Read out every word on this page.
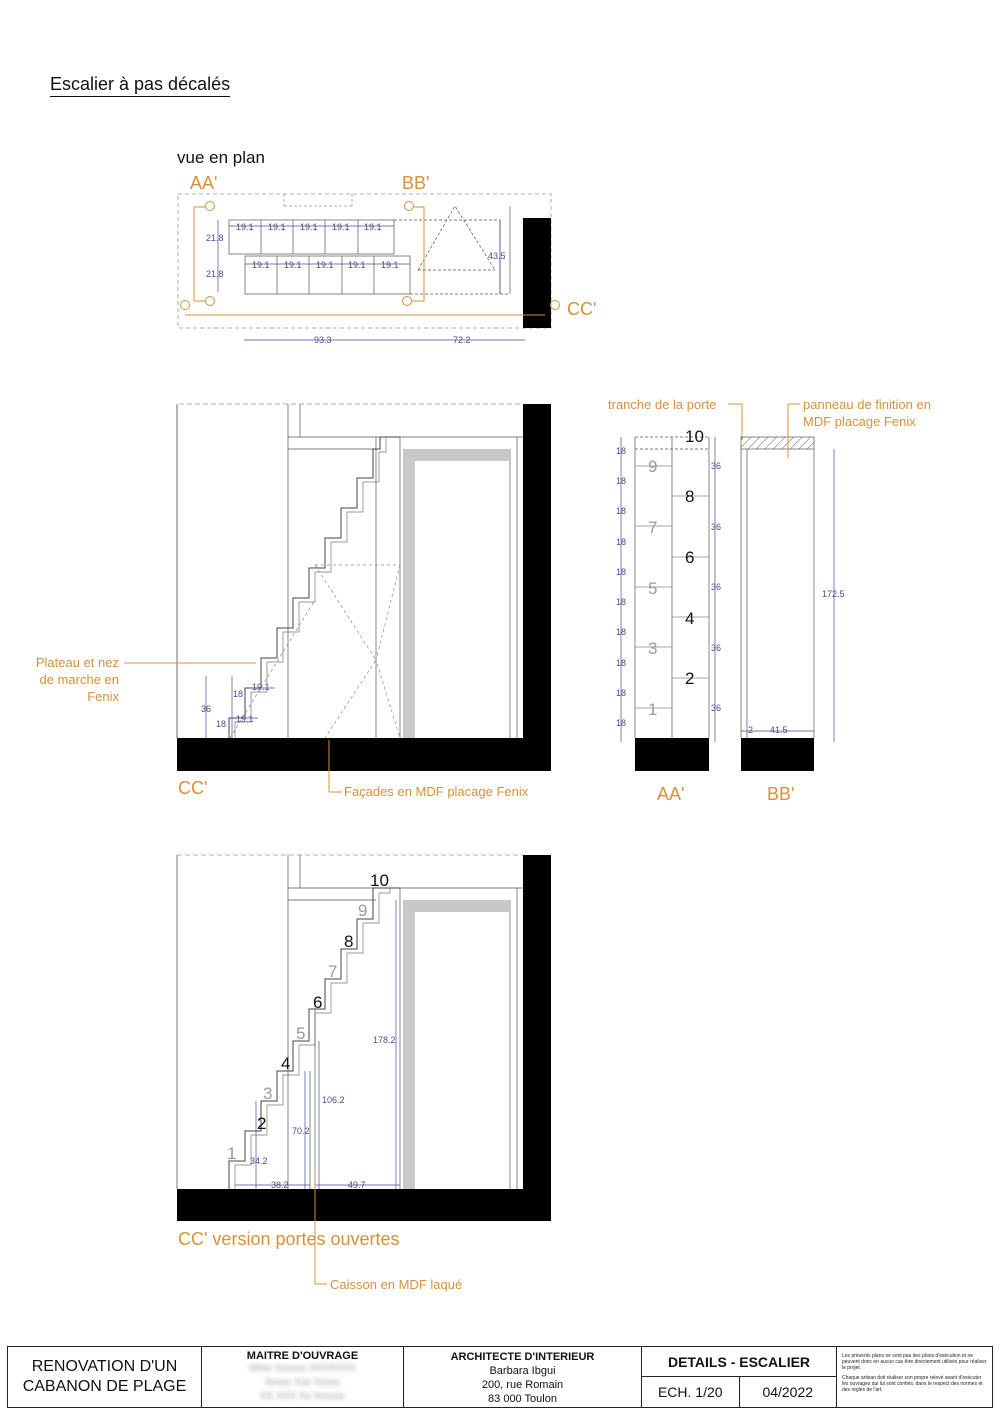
Escalier à pas décalés
vue en plan
AA'	BB'
CC'
19.1 19.1 19.1 19.1 19.1
19.1 19.1 19.1 19.1 19.1
21.8
21.8
43.5
93.3	72.2
36
18
18
19.1
19.1
Plateau et nez
de marche en
Fenix
Façades en MDF placage Fenix
CC'
18
18
18
18
18
18
18
18
18
18
36
36
36
36
36
1
3
5
7
9
2
4
6
8
10
tranche de la porte
AA'
172.5
2 41.5
panneau de finition en
MDF placage Fenix
BB'
34.2
70.2
106.2
178.2
38.2	49.7
1
2
3
4
5
6
7
8
9
10
CC' version portes ouvertes
Caisson en MDF laqué
RENOVATION D'UN
CABANON DE PLAGE
MAITRE D'OUVRAGE
Mme Xxxxxx XXXXXXX
Xxxxx Xxx Xxxxx
XX XXX Xx Xxxxxx
ARCHITECTE D'INTERIEUR
Barbara Ibgui
200, rue Romain
83 000 Toulon
DETAILS - ESCALIER
ECH. 1/20	04/2022

Les présents plans ne sont pas des plans d'exécution et ne peuvent donc en aucun cas être directement utilisés pour réaliser le projet.

Chaque artisan doit réaliser son propre relevé avant d'exécuter les ouvrages qui lui sont confiés, dans le respect des normes et des règles de l'art.
